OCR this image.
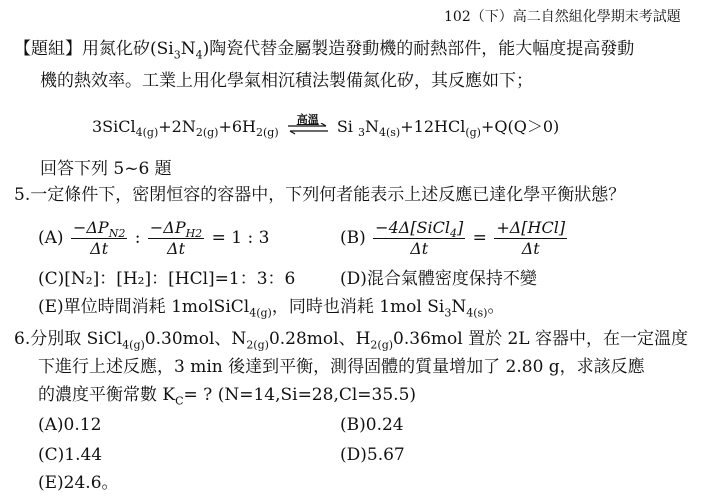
102（下）高二自然組化學期末考試題
【題組】用氮化矽$(Si_3N_4)$陶瓷代替金屬製造發動機的耐熱部件，能大幅度提高發動
機的熱效率。工業上用化學氣相沉積法製備氮化矽，其反應如下；
$3SiCl_{4(g)}+2N_{2(g)}+6H_{2(g)}$
高溫	Si $_3N_{4(s)}+12HCl_{(g)}+Q(Q>0)$
回答下列 5~6 題
5.一定條件下，密閉恒容的容器中，下列何者能表示上述反應已達化學平衡狀態？
$(A) \frac{-\Delta P_{N2}}{\Delta t}$ : $\frac{-\Delta P_{H2}}{\Delta t} = 1$ : 3	$(B) \frac{-4\Delta[SiCl_4]}{\Delta t} = \frac{\text{+Δ[HCl]}}{\Delta t}$
(C)[N₂]：[H₂]：[HCl]=1：3：6	(D)混合氣體密度保持不變
(E)單位時間消耗 1molSiCl$_{4(g)}$，同時也消耗 1mol $Si_3N_{4(s)}$。
6.分別取 SiCl$_{4(g)}$0.30mol、$N_{2(g)}0.28mol$、$H_{2(g)}0.36mol$ 置於 2L 容器中，在一定溫度
下進行上述反應，3 min 後達到平衡，測得固體的質量增加了 2.80 g，求該反應
的濃度平衡常數 $K_C=$ ? (N=14,Si=28,Cl=35.5)
(A)0.12	(B)0.24
(C)1.44	(D)5.67
(E)24.6。
